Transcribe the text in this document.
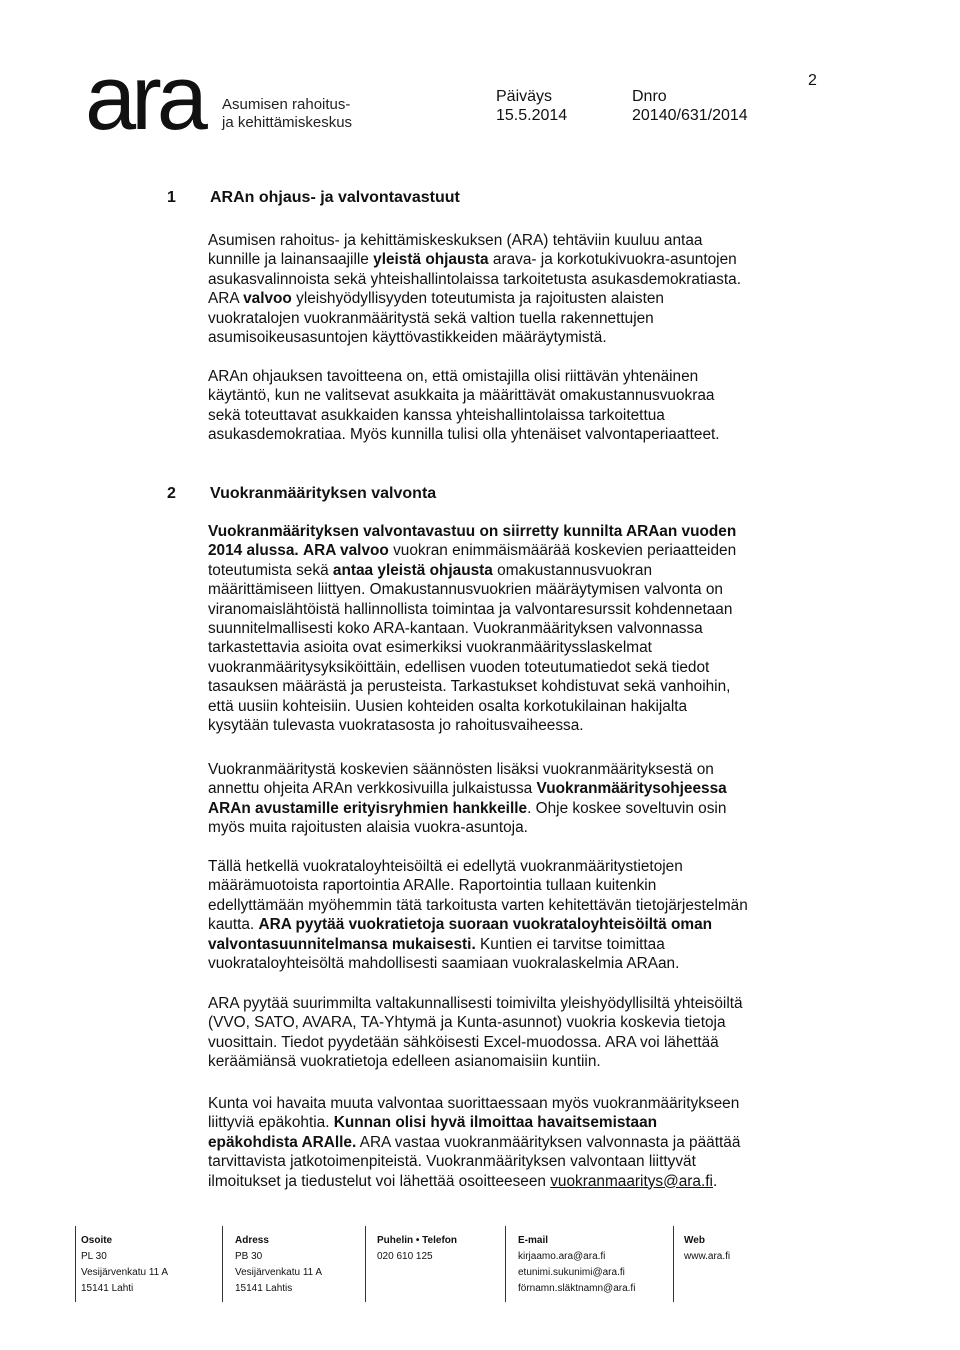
ara Asumisen rahoitus-
ja kehittämiskeskus
Päiväys
15.5.2014
Dnro
20140/631/2014
2
1 ARAn ohjaus- ja valvontavastuut

Asumisen rahoitus- ja kehittämiskeskuksen (ARA) tehtäviin kuuluu antaa
kunnille ja lainansaajille yleistä ohjausta arava- ja korkotukivuokra-asuntojen
asukasvalinnoista sekä yhteishallintolaissa tarkoitetusta asukasdemokratiasta.
ARA valvoo yleishyödyllisyyden toteutumista ja rajoitusten alaisten
vuokratalojen vuokranmääritystä sekä valtion tuella rakennettujen
asumisoikeusasuntojen käyttövastikkeiden määräytymistä.

ARAn ohjauksen tavoitteena on, että omistajilla olisi riittävän yhtenäinen
käytäntö, kun ne valitsevat asukkaita ja määrittävät omakustannusvuokraa
sekä toteuttavat asukkaiden kanssa yhteishallintolaissa tarkoitettua
asukasdemokratiaa. Myös kunnilla tulisi olla yhtenäiset valvontaperiaatteet.

2 Vuokranmäärityksen valvonta

Vuokranmäärityksen valvontavastuu on siirretty kunnilta ARAan vuoden
2014 alussa. ARA valvoo vuokran enimmäismäärää koskevien periaatteiden
toteutumista sekä antaa yleistä ohjausta omakustannusvuokran
määrittämiseen liittyen. Omakustannusvuokrien määräytymisen valvonta on
viranomaislähtöistä hallinnollista toimintaa ja valvontaresurssit kohdennetaan
suunnitelmallisesti koko ARA-kantaan. Vuokranmäärityksen valvonnassa
tarkastettavia asioita ovat esimerkiksi vuokranmääritysslaskelmat
vuokranmääritysyksiköittäin, edellisen vuoden toteutumatiedot sekä tiedot
tasauksen määrästä ja perusteista. Tarkastukset kohdistuvat sekä vanhoihin,
että uusiin kohteisiin. Uusien kohteiden osalta korkotukilainan hakijalta
kysytään tulevasta vuokratasosta jo rahoitusvaiheessa.

Vuokranmääritystä koskevien säännösten lisäksi vuokranmäärityksestä on
annettu ohjeita ARAn verkkosivuilla julkaistussa Vuokranmääritysohjeessa
ARAn avustamille erityisryhmien hankkeille. Ohje koskee soveltuvin osin
myös muita rajoitusten alaisia vuokra-asuntoja.

Tällä hetkellä vuokrataloyhteisöiltä ei edellytä vuokranmääritystietojen
määrämuotoista raportointia ARAlle. Raportointia tullaan kuitenkin
edellyttämään myöhemmin tätä tarkoitusta varten kehitettävän tietojärjestelmän
kautta. ARA pyytää vuokratietoja suoraan vuokrataloyhteisöiltä oman
valvontasuunnitelmansa mukaisesti. Kuntien ei tarvitse toimittaa
vuokrataloyhteisöltä mahdollisesti saamiaan vuokralaskelmia ARAan.

ARA pyytää suurimmilta valtakunnallisesti toimivilta yleishyödyllisiltä yhteisöiltä
(VVO, SATO, AVARA, TA-Yhtymä ja Kunta-asunnot) vuokria koskevia tietoja
vuosittain. Tiedot pyydetään sähköisesti Excel-muodossa. ARA voi lähettää
keräämiänsä vuokratietoja edelleen asianomaisiin kuntiin.

Kunta voi havaita muuta valvontaa suorittaessaan myös vuokranmääritykseen
liittyviä epäkohtia. Kunnan olisi hyvä ilmoittaa havaitsemistaan
epäkohdista ARAlle. ARA vastaa vuokranmäärityksen valvonnasta ja päättää
tarvittavista jatkotoimenpiteistä. Vuokranmäärityksen valvontaan liittyvät
ilmoitukset ja tiedustelut voi lähettää osoitteeseen vuokranmaaritys@ara.fi.

Osoite
PL 30
Vesijärvenkatu 11 A
15141 Lahti
Adress
PB 30
Vesijärvenkatu 11 A
15141 Lahtis
Puhelin • Telefon
020 610 125
E-mail
kirjaamo.ara@ara.fi
etunimi.sukunimi@ara.fi
förnamn.släktnamn@ara.fi
Web
www.ara.fi
